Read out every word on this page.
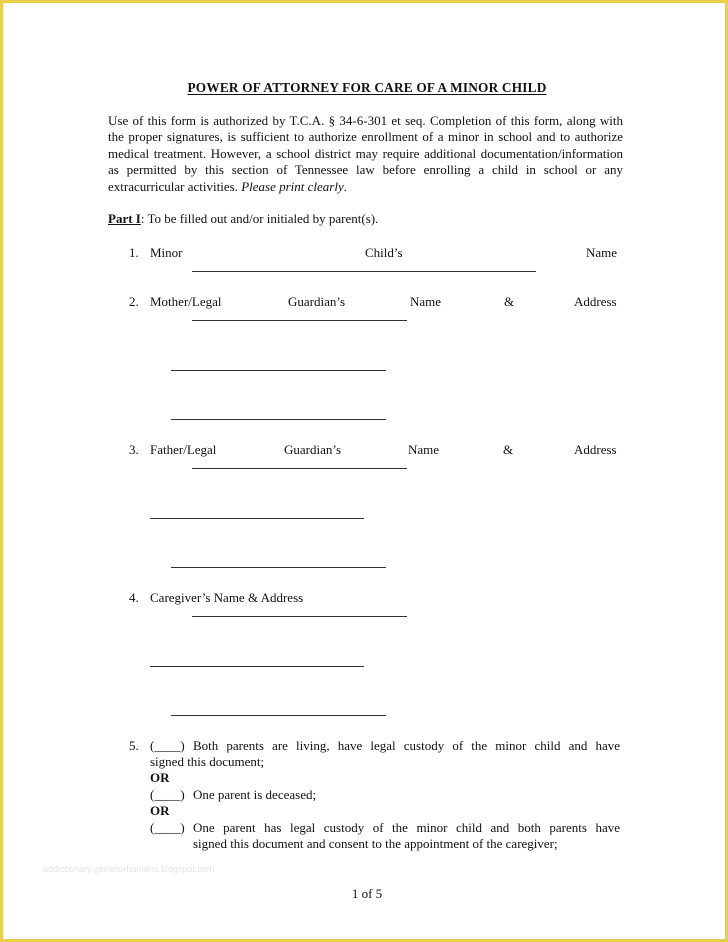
POWER OF ATTORNEY FOR CARE OF A MINOR CHILD
Use of this form is authorized by T.C.A. § 34-6-301 et seq. Completion of this form, along with the proper signatures, is sufficient to authorize enrollment of a minor in school and to authorize medical treatment. However, a school district may require additional documentation/information as permitted by this section of Tennessee law before enrolling a child in school or any extracurricular activities. Please print clearly.
Part I: To be filled out and/or initialed by parent(s).
1. Minor	Child’s	Name
2. Mother/Legal	Guardian’s	Name	&	Address
3. Father/Legal	Guardian’s	Name	&	Address
4. Caregiver’s Name & Address
5. (____) Both parents are living, have legal custody of the minor child and have
signed this document;
OR
(____) One parent is deceased;
OR
(____) One parent has legal custody of the minor child and both parents have
signed this document and consent to the appointment of the caregiver;
addictionary.gameforhumans.blogspot.com
1 of 5
